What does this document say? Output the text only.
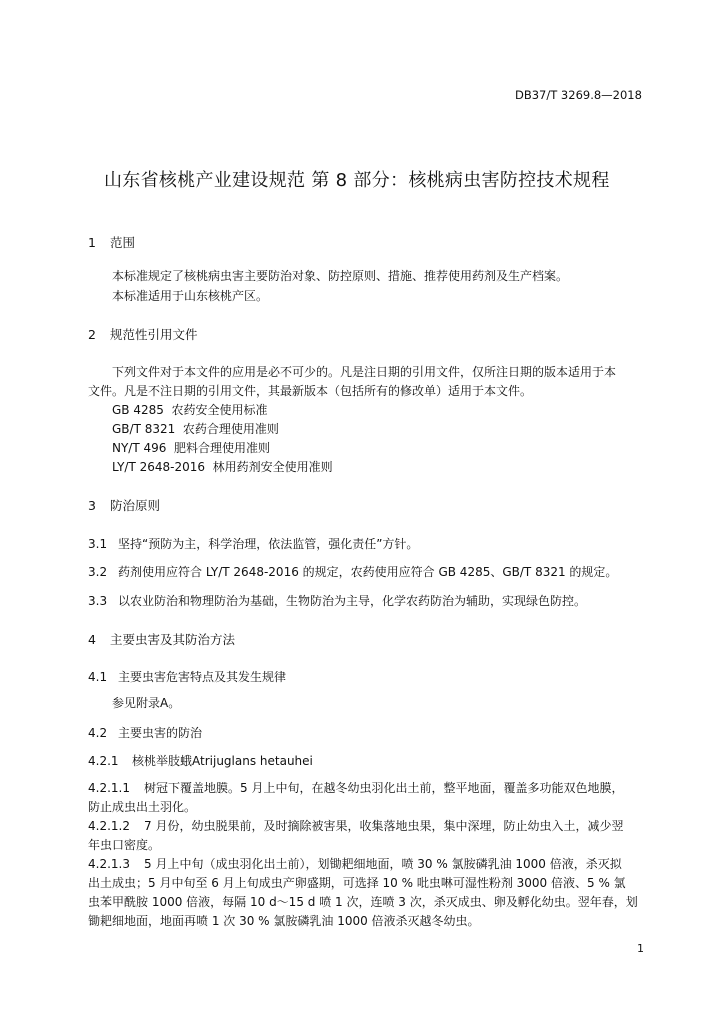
DB37/T 3269.8—2018
山东省核桃产业建设规范 第 8 部分：核桃病虫害防控技术规程
1 范围
本标准规定了核桃病虫害主要防治对象、防控原则、措施、推荐使用药剂及生产档案。
本标准适用于山东核桃产区。
2 规范性引用文件
下列文件对于本文件的应用是必不可少的。凡是注日期的引用文件，仅所注日期的版本适用于本
文件。凡是不注日期的引用文件，其最新版本（包括所有的修改单）适用于本文件。
GB 4285 农药安全使用标准
GB/T 8321 农药合理使用准则
NY/T 496 肥料合理使用准则
LY/T 2648-2016 林用药剂安全使用准则
3 防治原则
3.1 坚持“预防为主，科学治理，依法监管，强化责任”方针。
3.2 药剂使用应符合 LY/T 2648-2016 的规定，农药使用应符合 GB 4285、GB/T 8321 的规定。
3.3 以农业防治和物理防治为基础，生物防治为主导，化学农药防治为辅助，实现绿色防控。
4 主要虫害及其防治方法
4.1 主要虫害危害特点及其发生规律
参见附录A。
4.2 主要虫害的防治
4.2.1 核桃举肢蛾Atrijuglans hetauhei
4.2.1.1 树冠下覆盖地膜。5 月上中旬，在越冬幼虫羽化出土前，整平地面，覆盖多功能双色地膜，
防止成虫出土羽化。
4.2.1.2 7 月份，幼虫脱果前，及时摘除被害果，收集落地虫果，集中深埋，防止幼虫入土，减少翌
年虫口密度。
4.2.1.3 5 月上中旬（成虫羽化出土前），划锄耙细地面，喷 30 % 氯胺磷乳油 1000 倍液，杀灭拟
出土成虫；5 月中旬至 6 月上旬成虫产卵盛期，可选择 10 % 吡虫啉可湿性粉剂 3000 倍液、5 % 氯
虫苯甲酰胺 1000 倍液，每隔 10 d～15 d 喷 1 次，连喷 3 次，杀灭成虫、卵及孵化幼虫。翌年春，划
锄耙细地面，地面再喷 1 次 30 % 氯胺磷乳油 1000 倍液杀灭越冬幼虫。
1
